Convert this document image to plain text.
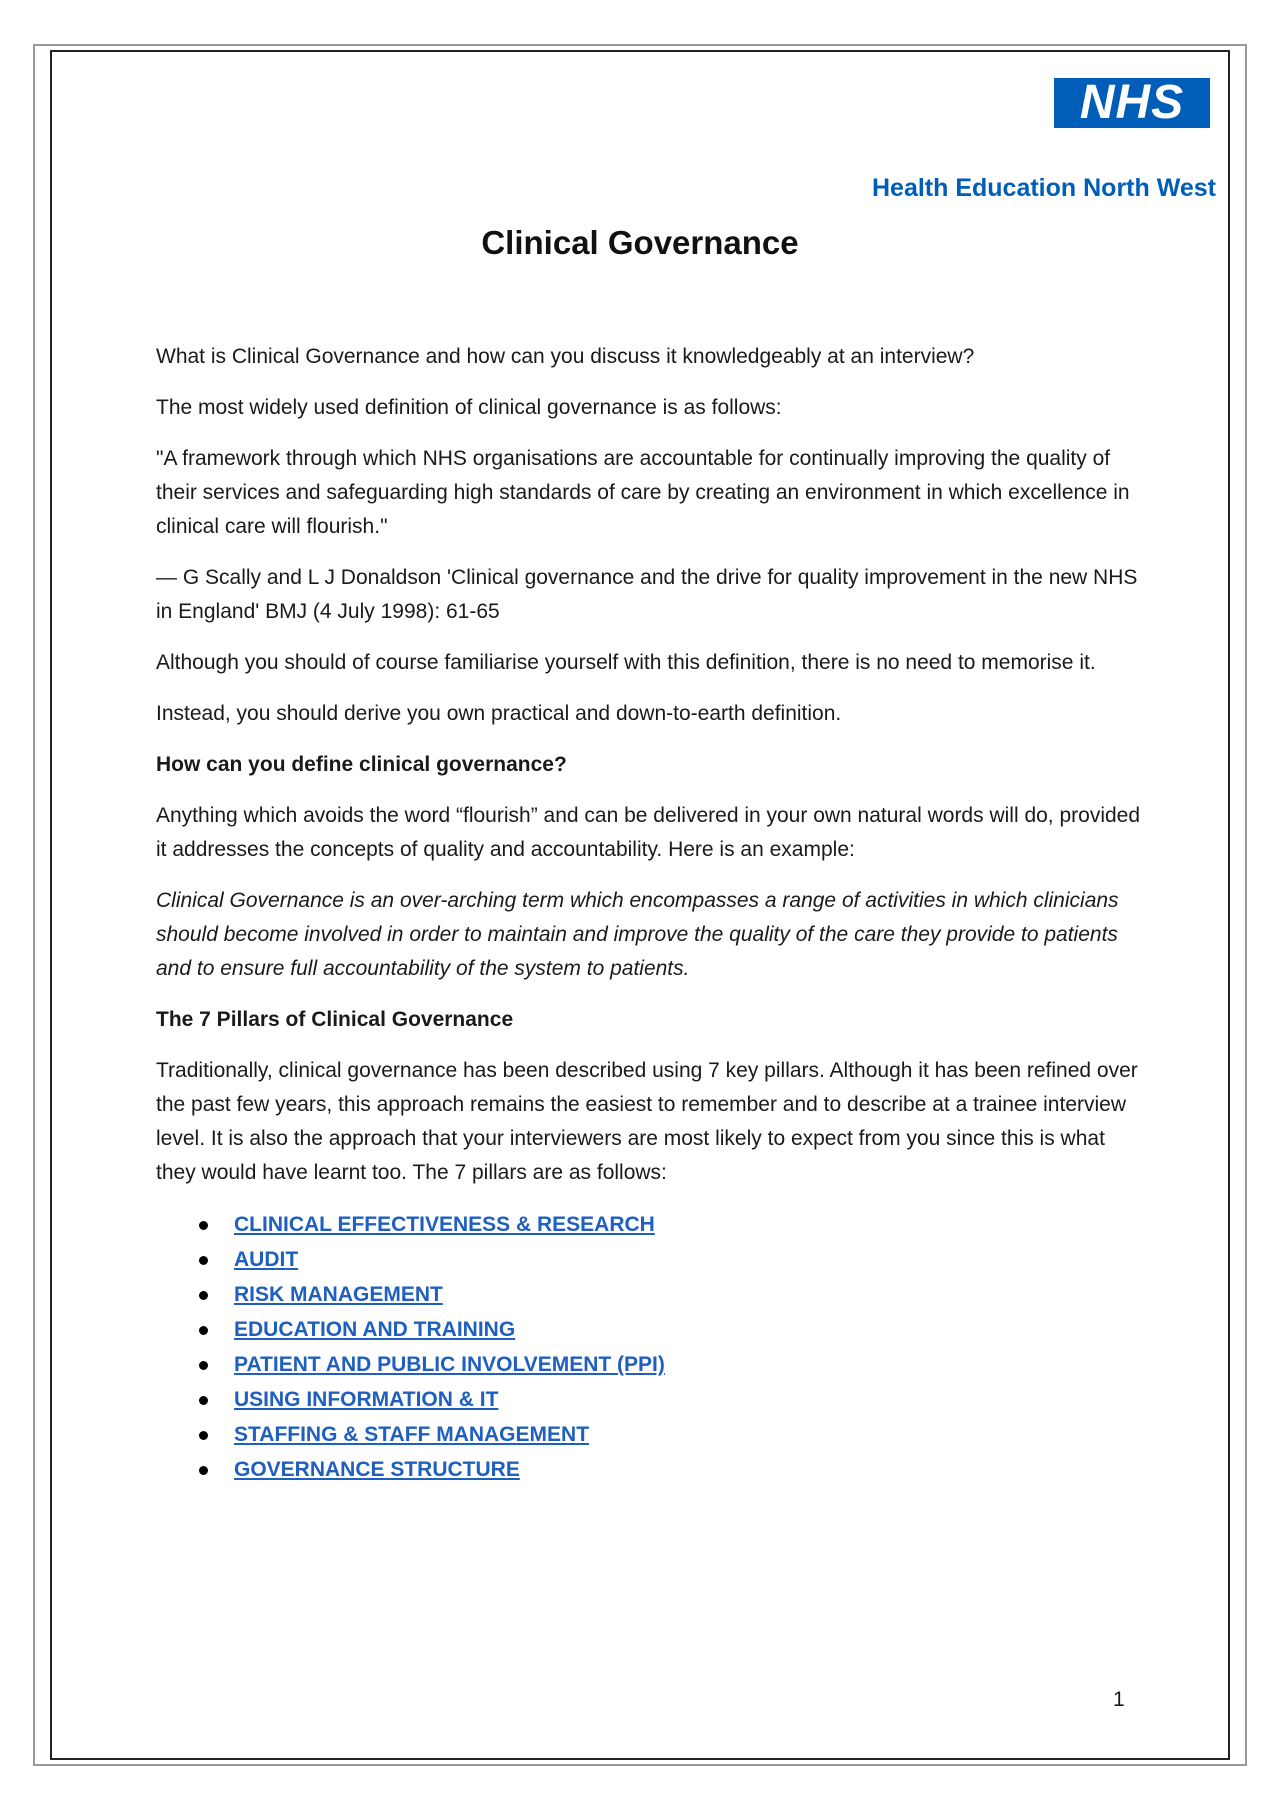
NHS
Health Education North West
Clinical Governance

What is Clinical Governance and how can you discuss it knowledgeably at an interview?

The most widely used definition of clinical governance is as follows:

"A framework through which NHS organisations are accountable for continually improving the quality of their services and safeguarding high standards of care by creating an environment in which excellence in clinical care will flourish."

— G Scally and L J Donaldson 'Clinical governance and the drive for quality improvement in the new NHS in England' BMJ (4 July 1998): 61-65

Although you should of course familiarise yourself with this definition, there is no need to memorise it.

Instead, you should derive you own practical and down-to-earth definition.

How can you define clinical governance?

Anything which avoids the word “flourish” and can be delivered in your own natural words will do, provided it addresses the concepts of quality and accountability. Here is an example:

Clinical Governance is an over-arching term which encompasses a range of activities in which clinicians should become involved in order to maintain and improve the quality of the care they provide to patients and to ensure full accountability of the system to patients.

The 7 Pillars of Clinical Governance

Traditionally, clinical governance has been described using 7 key pillars. Although it has been refined over the past few years, this approach remains the easiest to remember and to describe at a trainee interview level. It is also the approach that your interviewers are most likely to expect from you since this is what they would have learnt too. The 7 pillars are as follows:

CLINICAL EFFECTIVENESS & RESEARCH
AUDIT
RISK MANAGEMENT
EDUCATION AND TRAINING
PATIENT AND PUBLIC INVOLVEMENT (PPI)
USING INFORMATION & IT
STAFFING & STAFF MANAGEMENT
GOVERNANCE STRUCTURE
1
